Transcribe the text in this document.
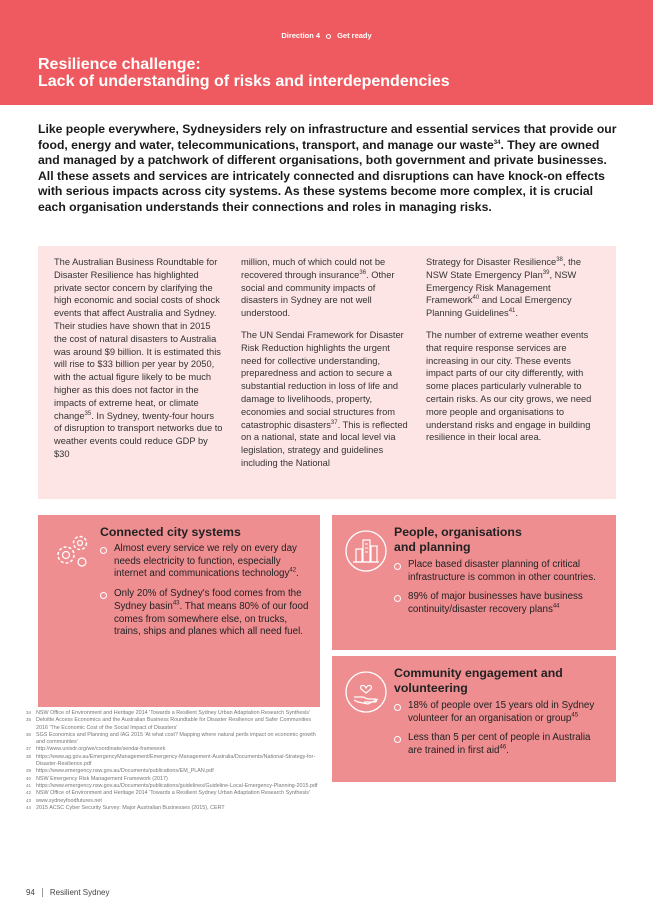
Direction 4 Get ready
Resilience challenge:
Lack of understanding of risks and interdependencies

Like people everywhere, Sydneysiders rely on infrastructure and essential services that provide our food, energy and water, telecommunications, transport, and manage our waste$^{34}$. They are owned and managed by a patchwork of different organisations, both government and private businesses. All these assets and services are intricately connected and disruptions can have knock-on effects with serious impacts across city systems. As these systems become more complex, it is crucial each organisation understands their connections and roles in managing risks.

The Australian Business Roundtable for Disaster Resilience has highlighted private sector concern by clarifying the high economic and social costs of shock events that affect Australia and Sydney. Their studies have shown that in 2015 the cost of natural disasters to Australia was around $9 billion. It is estimated this will rise to $33 billion per year by 2050, with the actual figure likely to be much higher as this does not factor in the impacts of extreme heat, or climate change$^{35}$. In Sydney, twenty-four hours of disruption to transport networks due to weather events could reduce GDP by $30

million, much of which could not be recovered through insurance$^{36}$. Other social and community impacts of disasters in Sydney are not well understood.

The UN Sendai Framework for Disaster Risk Reduction highlights the urgent need for collective understanding, preparedness and action to secure a substantial reduction in loss of life and damage to livelihoods, property, economies and social structures from catastrophic disasters$^{37}$. This is reflected on a national, state and local level via legislation, strategy and guidelines including the National

Strategy for Disaster Resilience$^{38}$, the NSW State Emergency Plan$^{39}$, NSW Emergency Risk Management Framework$^{40}$ and Local Emergency Planning Guidelines$^{41}$.

The number of extreme weather events that require response services are increasing in our city. These events impact parts of our city differently, with some places particularly vulnerable to certain risks. As our city grows, we need more people and organisations to understand risks and engage in building resilience in their local area.

Connected city systems
Almost every service we rely on every day needs electricity to function, especially internet and communications technology$^{42}$.
Only 20% of Sydney's food comes from the Sydney basin$^{43}$. That means 80% of our food comes from somewhere else, on trucks, trains, ships and planes which all need fuel.
People, organisations
and planning
Place based disaster planning of critical infrastructure is common in other countries.
89% of major businesses have business continuity/disaster recovery plans$^{44}$
Community engagement and
volunteering
18% of people over 15 years old in Sydney volunteer for an organisation or group$^{45}$
Less than 5 per cent of people in Australia are trained in first aid$^{46}$.
34 NSW Office of Environment and Heritage 2014 'Towards a Resilient Sydney Urban Adaptation Research Synthesis'
35 Deloitte Access Economics and the Australian Business Roundtable for Disaster Resilience and Safer Communities 2016 'The Economic Cost of the Social Impact of Disasters'
36 SGS Economics and Planning and IAG 2015 'At what cost? Mapping where natural perils impact on economic growth and communities'
37 http://www.unisdr.org/we/coordinate/sendai-framework
38 https://www.ag.gov.au/EmergencyManagement/Emergency-Management-Australia/Documents/National-Strategy-for-Disaster-Resilience.pdf
39 https://www.emergency.nsw.gov.au/Documents/publications/EM_PLAN.pdf
40 NSW Emergency Risk Management Framework (2017)
41 https://www.emergency.nsw.gov.au/Documents/publications/guidelines/Guideline-Local-Emergency-Planning-2015.pdf
42 NSW Office of Environment and Heritage 2014 'Towards a Resilient Sydney Urban Adaptation Research Synthesis'
43 www.sydneyfoodfutures.net
44 2015 ACSC Cyber Security Survey: Major Australian Businesses (2015), CERT
94 Resilient Sydney
